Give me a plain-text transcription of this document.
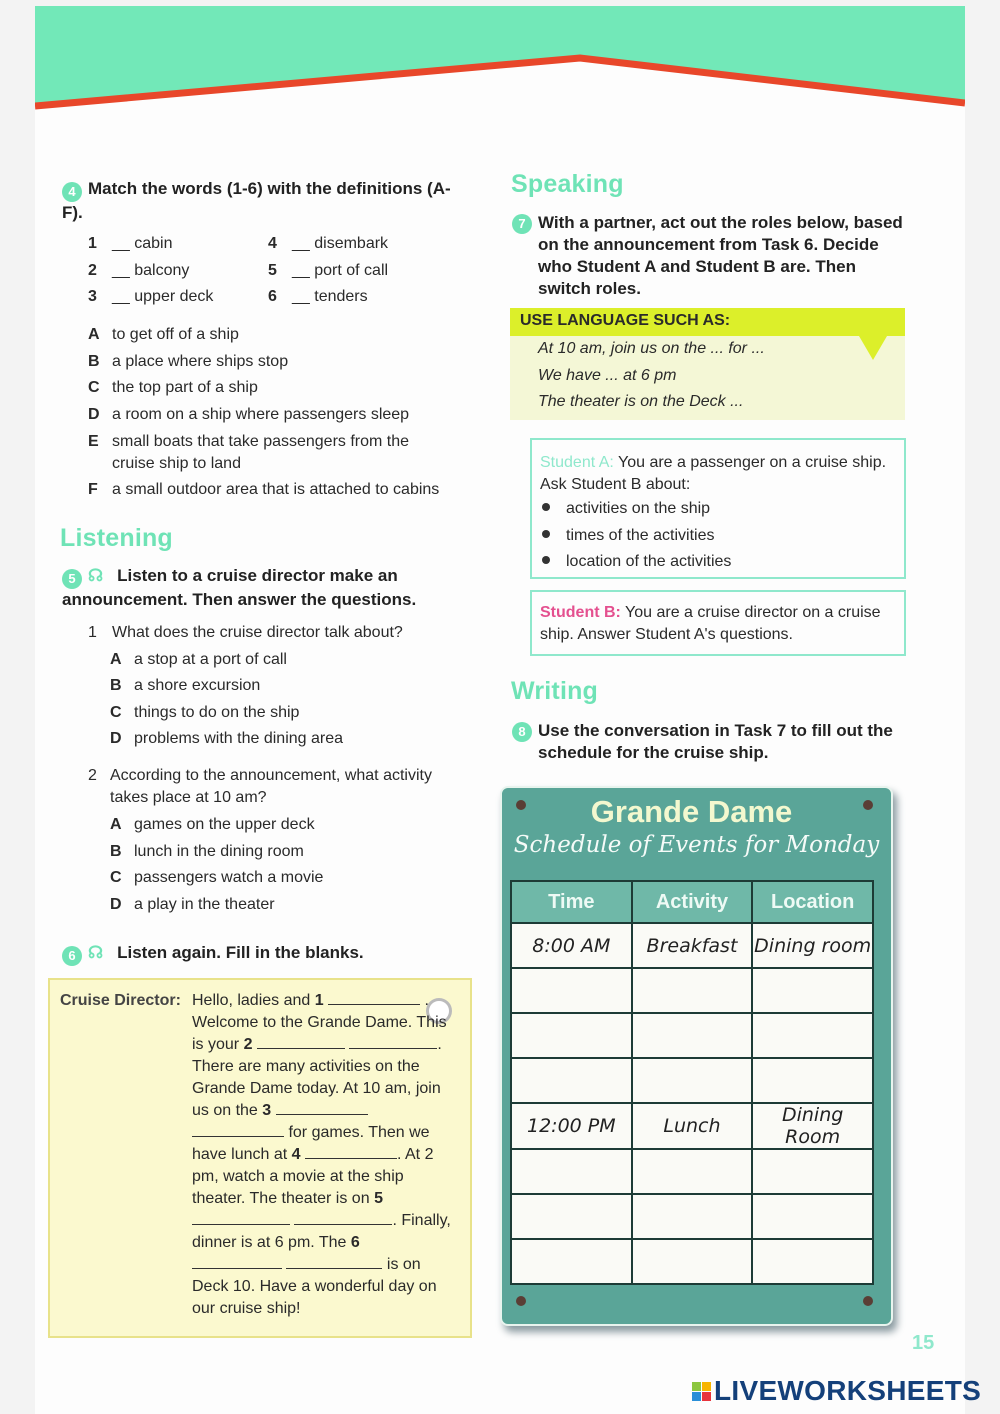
4 Match the words (1-6) with the definitions (A-F).
1 __ cabin
2 __ balcony
3 __ upper deck
4 __ disembark
5 __ port of call
6 __ tenders
A to get off of a ship
B a place where ships stop
C the top part of a ship
D a room on a ship where passengers sleep
E small boats that take passengers from the cruise ship to land
F a small outdoor area that is attached to cabins
Listening
5 ☊ Listen to a cruise director make an announcement. Then answer the questions.
1 What does the cruise director talk about?
A a stop at a port of call
B a shore excursion
C things to do on the ship
D problems with the dining area
2 According to the announcement, what activity takes place at 10 am?
A games on the upper deck
B lunch in the dining room
C passengers watch a movie
D a play in the theater
6 ☊ Listen again. Fill in the blanks.
Cruise Director: Hello, ladies and 1	. Welcome to the Grande Dame. This is your 2	. There are many activities on the Grande Dame today. At 10 am, join us on the 3   for games. Then we have lunch at 4	. At 2 pm, watch a movie at the ship theater. The theater is on 5  . Finally, dinner is at 6 pm. The 6   is on Deck 10. Have a wonderful day on our cruise ship!
Speaking
7 With a partner, act out the roles below, based on the announcement from Task 6. Decide who Student A and Student B are. Then switch roles.
USE LANGUAGE SUCH AS:
At 10 am, join us on the ... for ...
We have ... at 6 pm
The theater is on the Deck ...
Student A: You are a passenger on a cruise ship. Ask Student B about:
activities on the ship
times of the activities
location of the activities
Student B: You are a cruise director on a cruise ship. Answer Student A's questions.
Writing
8 Use the conversation in Task 7 to fill out the schedule for the cruise ship.
Grande Dame
Schedule of Events for Monday
Time	Activity	Location
8:00 AM	Breakfast	Dining room

12:00 PM	Lunch	Dining Room

15
LIVEWORKSHEETS
